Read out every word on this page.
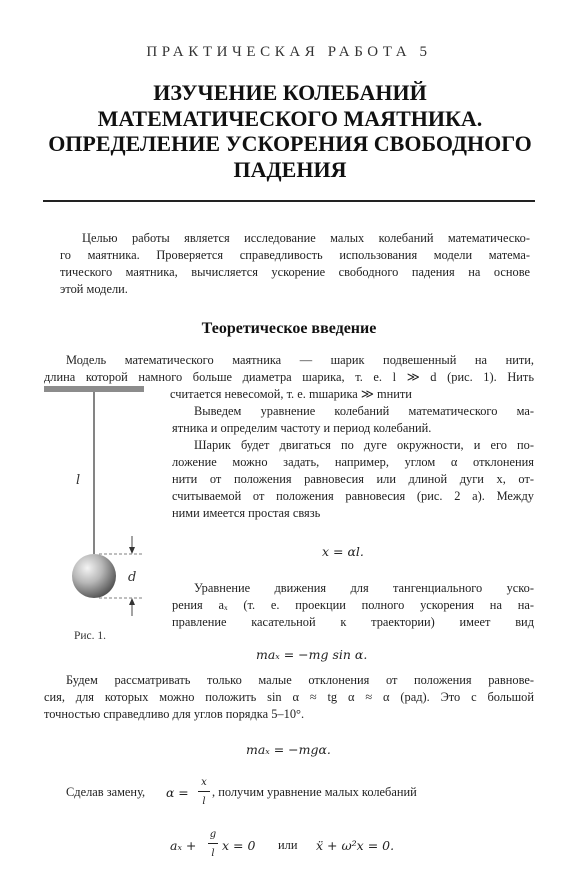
ПРАКТИЧЕСКАЯ РАБОТА 5
ИЗУЧЕНИЕ КОЛЕБАНИЙ
МАТЕМАТИЧЕСКОГО МАЯТНИКА.
ОПРЕДЕЛЕНИЕ УСКОРЕНИЯ СВОБОДНОГО
ПАДЕНИЯ
Целью работы является исследование малых колебаний математическо-
го маятника. Проверяется справедливость использования модели матема-
тического маятника, вычисляется ускорение свободного падения на основе
этой модели.
Теоретическое введение
Модель математического маятника — шарик подвешенный на нити,
длина которой намного больше диаметра шарика, т. е. l ≫ d (рис. 1). Нить
считается невесомой, т. е. mшарика ≫ mнити
l
d
Рис. 1.
Выведем уравнение колебаний математического ма-
ятника и определим частоту и период колебаний.
Шарик будет двигаться по дуге окружности, и его по-
ложение можно задать, например, углом α отклонения
нити от положения равновесия или длиной дуги x, от-
считываемой от положения равновесия (рис. 2 а). Между
ними имеется простая связь
x = αl.
Уравнение движения для тангенциального уско-
рения aₓ (т. е. проекции полного ускорения на на-
правление касательной к траектории) имеет вид
maₓ = −mg sin α.
Будем рассматривать только малые отклонения от положения равнове-
сия, для которых можно положить sin α ≈ tg α ≈ α (рад). Это с большой
точностью справедливо для углов порядка 5–10°.
maₓ = −mgα.
Сделав замену, α =
x
l
, получим уравнение малых колебаний
aₓ +
g
l
x = 0 или ẍ + ω²x = 0.
